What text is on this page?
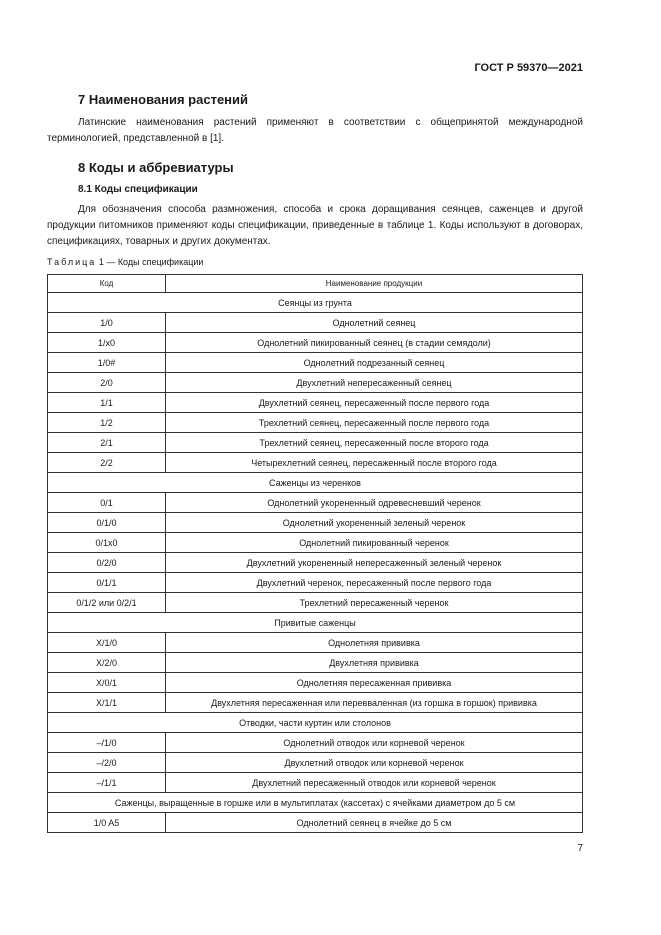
ГОСТ Р 59370—2021
7 Наименования растений

Латинские наименования растений применяют в соответствии с общепринятой международной терминологией, представленной в [1].

8 Коды и аббревиатуры
8.1 Коды спецификации

Для обозначения способа размножения, способа и срока доращивания сеянцев, саженцев и другой продукции питомников применяют коды спецификации, приведенные в таблице 1. Коды используют в договорах, спецификациях, товарных и других документах.

Таблица 1 — Коды спецификации
Код	Наименование продукции
Сеянцы из грунта	
1/0	Однолетний сеянец
1/x0	Однолетний пикированный сеянец (в стадии семядоли)
1/0#	Однолетний подрезанный сеянец
2/0	Двухлетний непересаженный сеянец
1/1	Двухлетний сеянец, пересаженный после первого года
1/2	Трехлетний сеянец, пересаженный после первого года
2/1	Трехлетний сеянец, пересаженный после второго года
2/2	Четырехлетний сеянец, пересаженный после второго года
Саженцы из черенков	
0/1	Однолетний укорененный одревесневший черенок
0/1/0	Однолетний укорененный зеленый черенок
0/1x0	Однолетний пикированный черенок
0/2/0	Двухлетний укорененный непересаженный зеленый черенок
0/1/1	Двухлетний черенок, пересаженный после первого года
0/1/2 или 0/2/1	Трехлетний пересаженный черенок
Привитые саженцы	
X/1/0	Однолетняя прививка
X/2/0	Двухлетняя прививка
X/0/1	Однолетняя пересаженная прививка
X/1/1	Двухлетняя пересаженная или перевваленная (из горшка в горшок) прививка
Отводки, части куртин или столонов	
–/1/0	Однолетний отводок или корневой черенок
–/2/0	Двухлетний отводок или корневой черенок
–/1/1	Двухлетний пересаженный отводок или корневой черенок
Саженцы, выращенные в горшке или в мультиплатах (кассетах) с ячейками диаметром до 5 см	
1/0 A5	Однолетний сеянец в ячейке до 5 см
7
